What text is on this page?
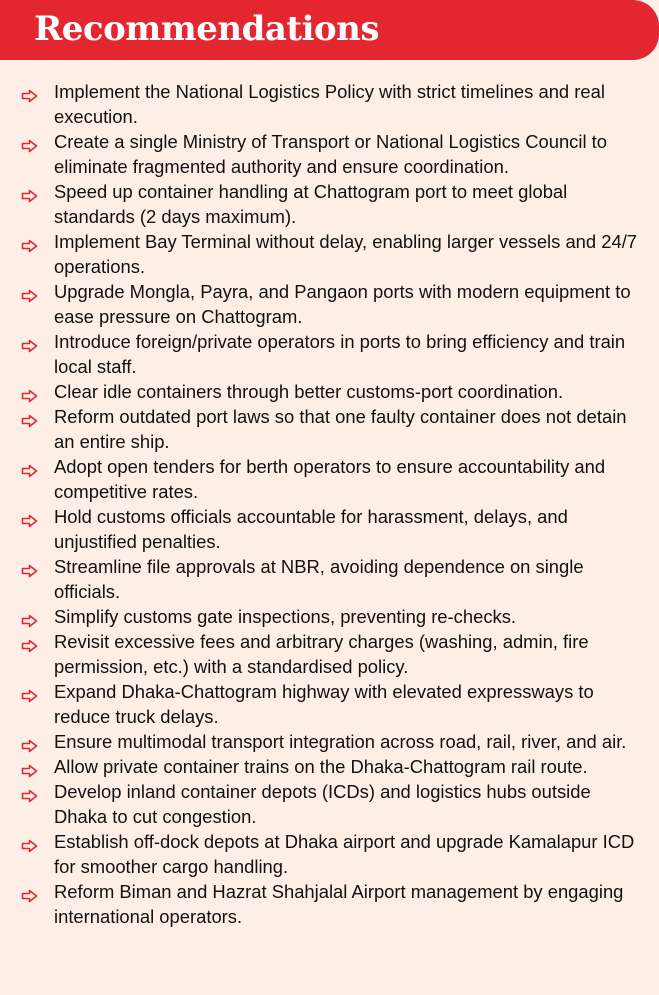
Recommendations
Implement the National Logistics Policy with strict timelines and real execution.
Create a single Ministry of Transport or National Logistics Council to eliminate fragmented authority and ensure coordination.
Speed up container handling at Chattogram port to meet global standards (2 days maximum).
Implement Bay Terminal without delay, enabling larger vessels and 24/7 operations.
Upgrade Mongla, Payra, and Pangaon ports with modern equipment to ease pressure on Chattogram.
Introduce foreign/private operators in ports to bring efficiency and train local staff.
Clear idle containers through better customs-port coordination.
Reform outdated port laws so that one faulty container does not detain an entire ship.
Adopt open tenders for berth operators to ensure accountability and competitive rates.
Hold customs officials accountable for harassment, delays, and unjustified penalties.
Streamline file approvals at NBR, avoiding dependence on single officials.
Simplify customs gate inspections, preventing re-checks.
Revisit excessive fees and arbitrary charges (washing, admin, fire permission, etc.) with a standardised policy.
Expand Dhaka-Chattogram highway with elevated expressways to reduce truck delays.
Ensure multimodal transport integration across road, rail, river, and air.
Allow private container trains on the Dhaka-Chattogram rail route.
Develop inland container depots (ICDs) and logistics hubs outside Dhaka to cut congestion.
Establish off-dock depots at Dhaka airport and upgrade Kamalapur ICD for smoother cargo handling.
Reform Biman and Hazrat Shahjalal Airport management by engaging international operators.
